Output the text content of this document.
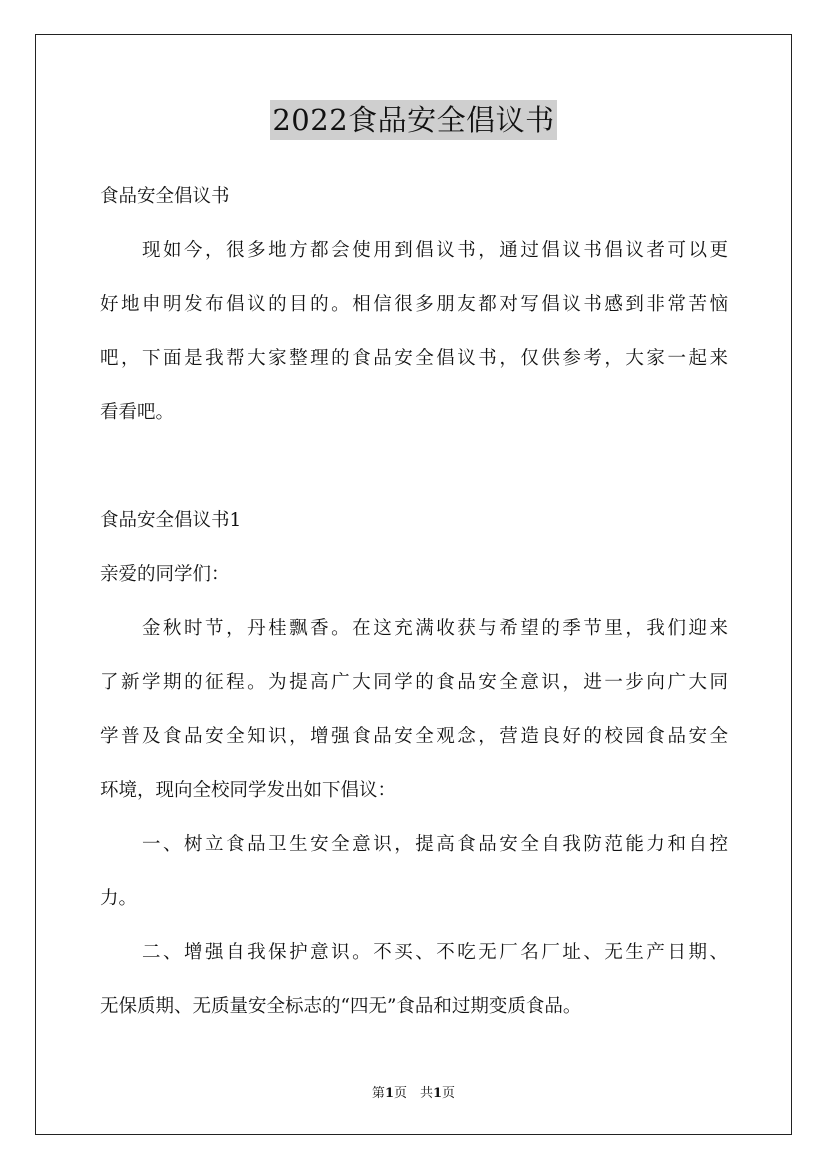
2022食品安全倡议书
食品安全倡议书
现如今，很多地方都会使用到倡议书，通过倡议书倡议者可以更
好地申明发布倡议的目的。相信很多朋友都对写倡议书感到非常苦恼
吧，下面是我帮大家整理的食品安全倡议书，仅供参考，大家一起来
看看吧。
食品安全倡议书1
亲爱的同学们：
金秋时节，丹桂飘香。在这充满收获与希望的季节里，我们迎来
了新学期的征程。为提高广大同学的食品安全意识，进一步向广大同
学普及食品安全知识，增强食品安全观念，营造良好的校园食品安全
环境，现向全校同学发出如下倡议：
一、树立食品卫生安全意识，提高食品安全自我防范能力和自控
力。
二、增强自我保护意识。不买、不吃无厂名厂址、无生产日期、
无保质期、无质量安全标志的“四无”食品和过期变质食品。
第1页　共1页
